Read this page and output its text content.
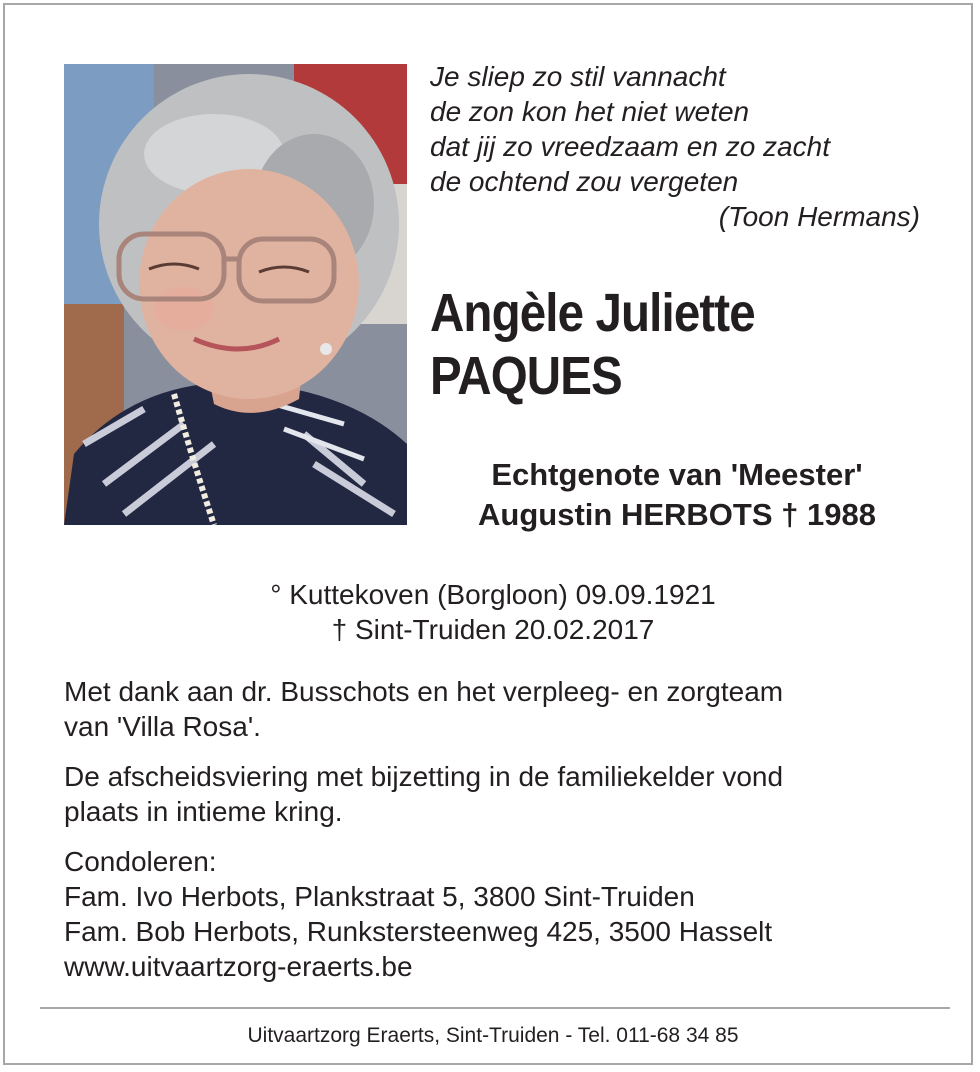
Je sliep zo stil vannacht
de zon kon het niet weten
dat jij zo vreedzaam en zo zacht
de ochtend zou vergeten
(Toon Hermans)
Angèle Juliette
PAQUES
Echtgenote van 'Meester'
Augustin HERBOTS † 1988
° Kuttekoven (Borgloon) 09.09.1921
† Sint-Truiden 20.02.2017

Met dank aan dr. Busschots en het verpleeg- en zorgteam
van 'Villa Rosa'.

De afscheidsviering met bijzetting in de familiekelder vond
plaats in intieme kring.

Condoleren:
Fam. Ivo Herbots, Plankstraat 5, 3800 Sint-Truiden
Fam. Bob Herbots, Runkstersteenweg 425, 3500 Hasselt
www.uitvaartzorg-eraerts.be

Uitvaartzorg Eraerts, Sint-Truiden - Tel. 011-68 34 85
